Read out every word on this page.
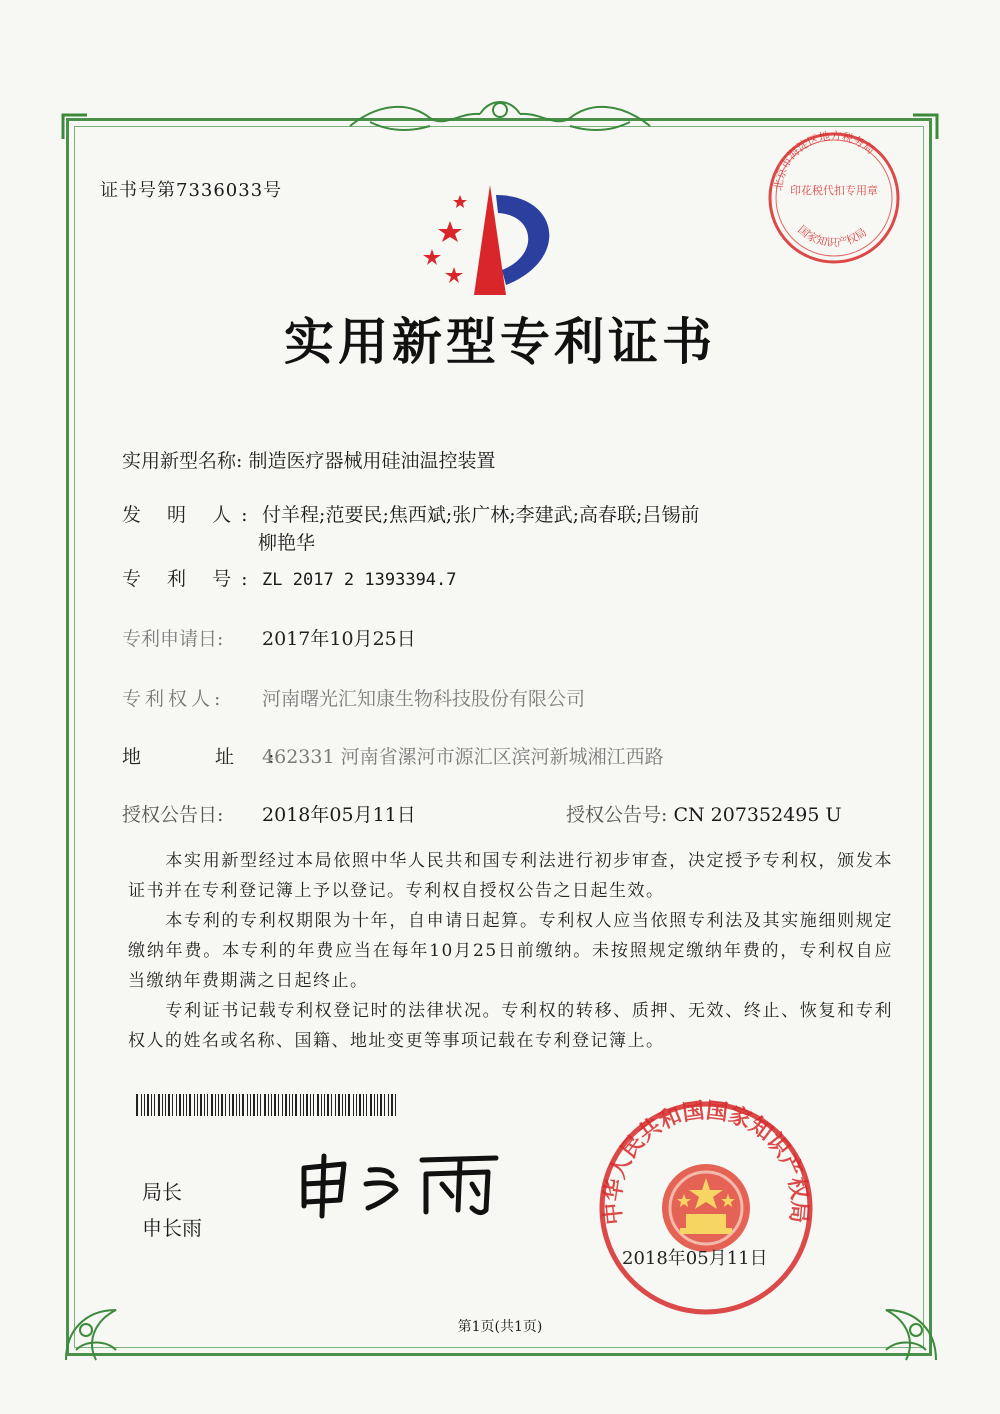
证书号第7336033号
实用新型专利证书
实用新型名称: 制造医疗器械用硅油温控装置
发 明 人: 付羊程;范要民;焦西斌;张广林;李建武;高春联;吕锡前
柳艳华
专 利 号: ZL 2017 2 1393394.7
专利申请日: 2017年10月25日
专利权人: 河南曙光汇知康生物科技股份有限公司
地 址: 462331 河南省漯河市源汇区滨河新城湘江西路
授权公告日: 2018年05月11日	授权公告号: CN 207352495 U

本实用新型经过本局依照中华人民共和国专利法进行初步审查，决定授予专利权，颁发本证书并在专利登记簿上予以登记。专利权自授权公告之日起生效。

本专利的专利权期限为十年，自申请日起算。专利权人应当依照专利法及其实施细则规定缴纳年费。本专利的年费应当在每年10月25日前缴纳。未按照规定缴纳年费的，专利权自应当缴纳年费期满之日起终止。

专利证书记载专利权登记时的法律状况。专利权的转移、质押、无效、终止、恢复和专利权人的姓名或名称、国籍、地址变更等事项记载在专利登记簿上。

局长
申长雨
北京市海淀区地方税务局
印花税代扣专用章
国家知识产权局
中华人民共和国国家知识产权局
2018年05月11日
第1页(共1页)
